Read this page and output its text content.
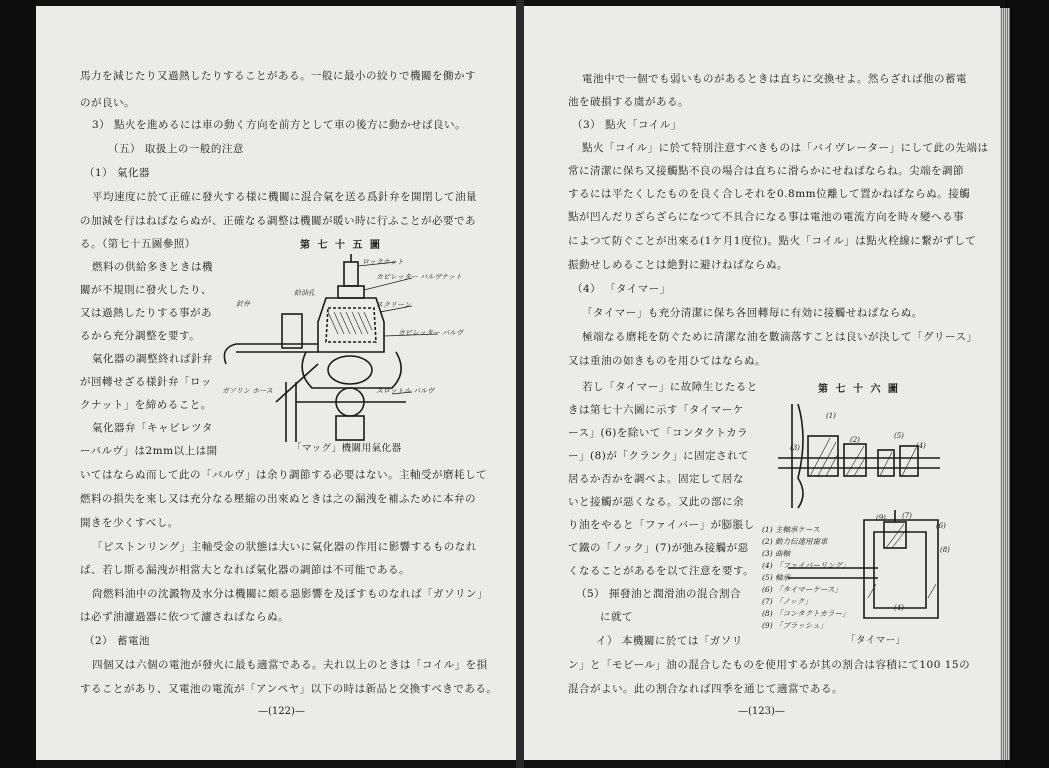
馬力を減じたり又過熱したりすることがある。一般に最小の絞りで機關を働かす
のが良い。
3） 點火を進めるには車の動く方向を前方として車の後方に動かせば良い。
（五） 取扱上の一般的注意
（1） 氣化器
平均速度に於て正確に發火する様に機關に混合氣を送る爲針弁を開閉して油量
の加減を行はねばならぬが、正確なる調整は機關が暖い時に行ふことが必要であ
る。（第七十五圖參照）	第 七 十 五 圖
燃料の供給多きときは機
關が不規則に發火したり、
又は過熱したりする事があ
るから充分調整を要す。
氣化器の調整終れば針弁
が回轉せざる様針弁「ロッ
クナット」を締めること。
氣化器弁「キャビレツタ
ーバルヴ」は2mm以上は開
ロックナット
カビレッター バルヴナット
針弁
給油孔
スクリーン
カビレッター バルヴ
スロットル バルヴ
ガソリン ホース
「マッグ」機關用氣化器
いてはならぬ而して此の「バルヴ」は余り調節する必要はない。主軸受が磨耗して
燃料の損失を來し又は充分なる壓縮の出來ぬときは之の漏洩を補ふために本弁の
開きを少くすべし。
「ピストンリング」主軸受金の狀態は大いに氣化器の作用に影響するものなれ
ば、若し斯る漏洩が相當大となれば氣化器の調節は不可能である。
尙燃料油中の沈澱物及水分は機關に頗る惡影響を及ぼすものなれば「ガソリン」
は必ず油濾過器に依つて濾さねばならぬ。
（2） 蓄電池
四個又は六個の電池が發火に最も適當である。夫れ以上のときは「コイル」を損
することがあり、又電池の電流が「アンペヤ」以下の時は新品と交換すべきである。
—(122)—
電池中で一個でも弱いものがあるときは直ちに交換せよ。然らざれば他の蓄電
池を破損する虞がある。
（3） 點火「コイル」
點火「コイル」に於て特別注意すべきものは「バイヴレーター」にして此の先端は
常に清潔に保ち又接觸點不良の場合は直ちに滑らかにせねばならね。尖端を調節
するには平たくしたものを良く合しそれを0.8mm位離して置かねばならぬ。接觸
點が凹んだりざらざらになつて不具合になる事は電池の電流方向を時々變へる事
によつて防ぐことが出來る(1ケ月1度位)。點火「コイル」は點火栓線に繋がずして
振動せしめることは絶對に避けねばならぬ。
（4） 「タイマー」
「タイマー」も充分清潔に保ち各回轉毎に有効に接觸せねばならぬ。
極端なる磨耗を防ぐために清潔な油を數滴落すことは良いが決して「グリース」
又は重油の如きものを用ひてはならぬ。
若し「タイマー」に故障生じたると	第 七 十 六 圖
きは第七十六圖に示す「タイマーケ
ース」(6)を除いて「コンタクトカラ
ー」(8)が「クランク」に固定されて
居るか否かを調べよ。固定して居な
いと接觸が惡くなる。又此の部に余
り油をやると「ファイバー」が膨脹し
て鐵の「ノック」(7)が弛み接觸が惡
くなることがあるを以て注意を要す。
（5） 揮發油と潤滑油の混合割合
に就て
イ） 本機關に於ては「ガソリ
(1)
(2)
(3)	(4)
(5)
(6)
(7)
(8)
(9)
(4)
(1) 主軸承ケース
(2) 動力伝達用歯車
(3) 曲軸
(4) 「ファイバーリング」
(5) 軸承
(6) 「タイマーケース」
(7) 「ノック」
(8) 「コンタクトカラー」
(9) 「ブラッシュ」
「タイマー」
ン」と「モビール」油の混合したものを使用するが其の割合は容積にて100 15の
混合がよい。此の割合なれば四季を通じて適當である。
—(123)—
